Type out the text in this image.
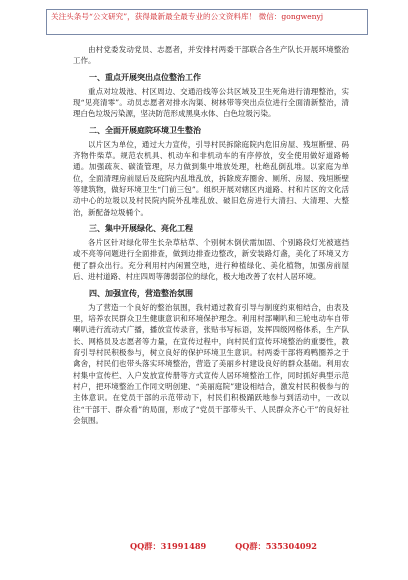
关注头条号“公文研究”，获得最新最全最专业的公文资料库！ 微信：gongwenyj

由村党委发动党员、志愿者，并安排村两委干部联合各生产队长开展环境整治工作。

一、重点开展突出点位整治工作

重点对垃圾池、村区周边、交通沿线等公共区域及卫生死角进行清理整治，实现“见亮清零”。动员志愿者对排水沟渠、树林带等突出点位进行全面清新整治，清理白色垃圾污染源，坚决防范形成黑臭水体、白色垃圾污染。

二、全面开展庭院环境卫生整治

以片区为单位，通过大力宣传，引导村民拆除庭院内危旧房屋、残垣断壁、码齐物件柴草。规范农机具、机动车和非机动车的有序停放，安全使用做好道路畅通。加强疏灰、碳渣管理，尽力做到集中堆放处理，杜绝乱倒乱堆。以家庭为单位，全面清理房前屋后及庭院内乱堆乱放，拆除废弃圈舍、厕所、房屋、残垣断壁等建筑物，做好环境卫生“门前三包”。组织开展对辖区内道路、村和片区的文化活动中心的垃圾以及村民院内院外乱堆乱放、破旧危房进行大清扫、大清理、大整治，新配备垃圾桶个。

三、集中开展绿化、亮化工程

各片区针对绿化带生长杂草枯草、个别树木倒伏需加固、个别路段灯光被遮挡或不亮等问题进行全面排查，做到边排查边整改，新安装路灯盏，美化了环境又方便了群众出行。充分利用村内闲置空地，进行种植绿化、美化植物，加强房前屋后、进村道路、村庄四周等薄弱部位的绿化，极大地改善了农村人居环境。

四、加强宣传，营造整治氛围

为了营造一个良好的整治氛围，我村通过教育引导与制度约束相结合，由表及里，培养农民群众卫生健康意识和环境保护理念。利用村部喇叭和三轮电动车自带喇叭进行流动式广播，播放宣传录音，张贴书写标语，发挥四级网格体系，生产队长、网格员及志愿者等力量，在宣传过程中，向村民们宣传环境整治的重要性，教育引导村民积极参与，树立良好的保护环境卫生意识。村两委干部将鸡鸭圈养之于禽舍，村民们也带头落实环境整治，营造了美丽乡村建设良好的群众基础。利用农村集中宣传栏、入户发放宣传册等方式宣传人居环境整治工作，同时抓好典型示范村户，把环境整治工作同文明创建、“美丽庭院”建设相结合，激发村民积极参与的主体意识。在党员干部的示范带动下，村民们积极踊跃地参与到活动中，一改以往“干部干、群众看”的局面，形成了“党员干部带头干、人民群众齐心干”的良好社会氛围。

QQ群：31991489	QQ群：535304092
